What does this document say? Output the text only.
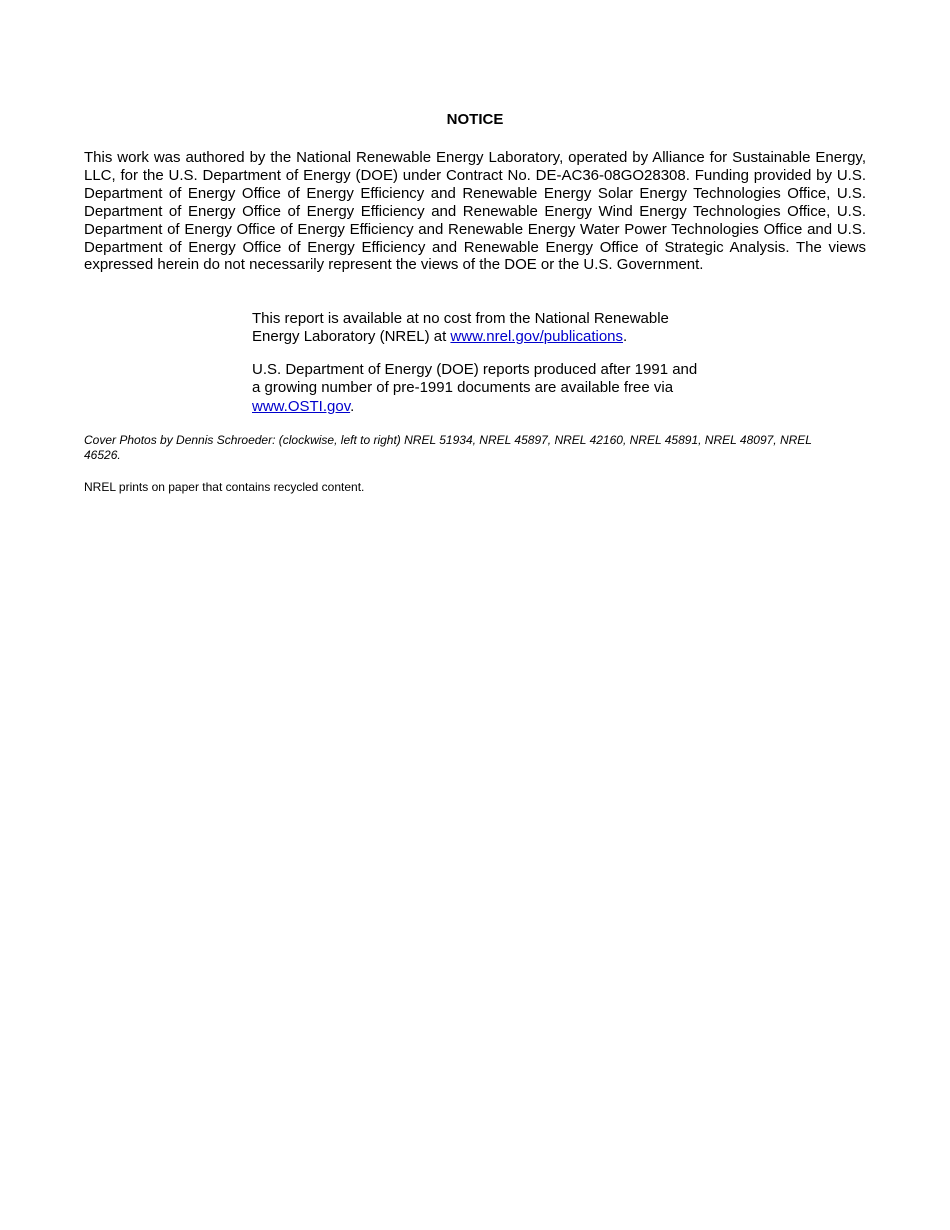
NOTICE

This work was authored by the National Renewable Energy Laboratory, operated by Alliance for Sustainable Energy, LLC, for the U.S. Department of Energy (DOE) under Contract No. DE-AC36-08GO28308. Funding provided by U.S. Department of Energy Office of Energy Efficiency and Renewable Energy Solar Energy Technologies Office, U.S. Department of Energy Office of Energy Efficiency and Renewable Energy Wind Energy Technologies Office, U.S. Department of Energy Office of Energy Efficiency and Renewable Energy Water Power Technologies Office and U.S. Department of Energy Office of Energy Efficiency and Renewable Energy Office of Strategic Analysis. The views expressed herein do not necessarily represent the views of the DOE or the U.S. Government.

This report is available at no cost from the National Renewable Energy Laboratory (NREL) at www.nrel.gov/publications.

U.S. Department of Energy (DOE) reports produced after 1991 and a growing number of pre-1991 documents are available free via www.OSTI.gov.

Cover Photos by Dennis Schroeder: (clockwise, left to right) NREL 51934, NREL 45897, NREL 42160, NREL 45891, NREL 48097, NREL 46526.

NREL prints on paper that contains recycled content.
